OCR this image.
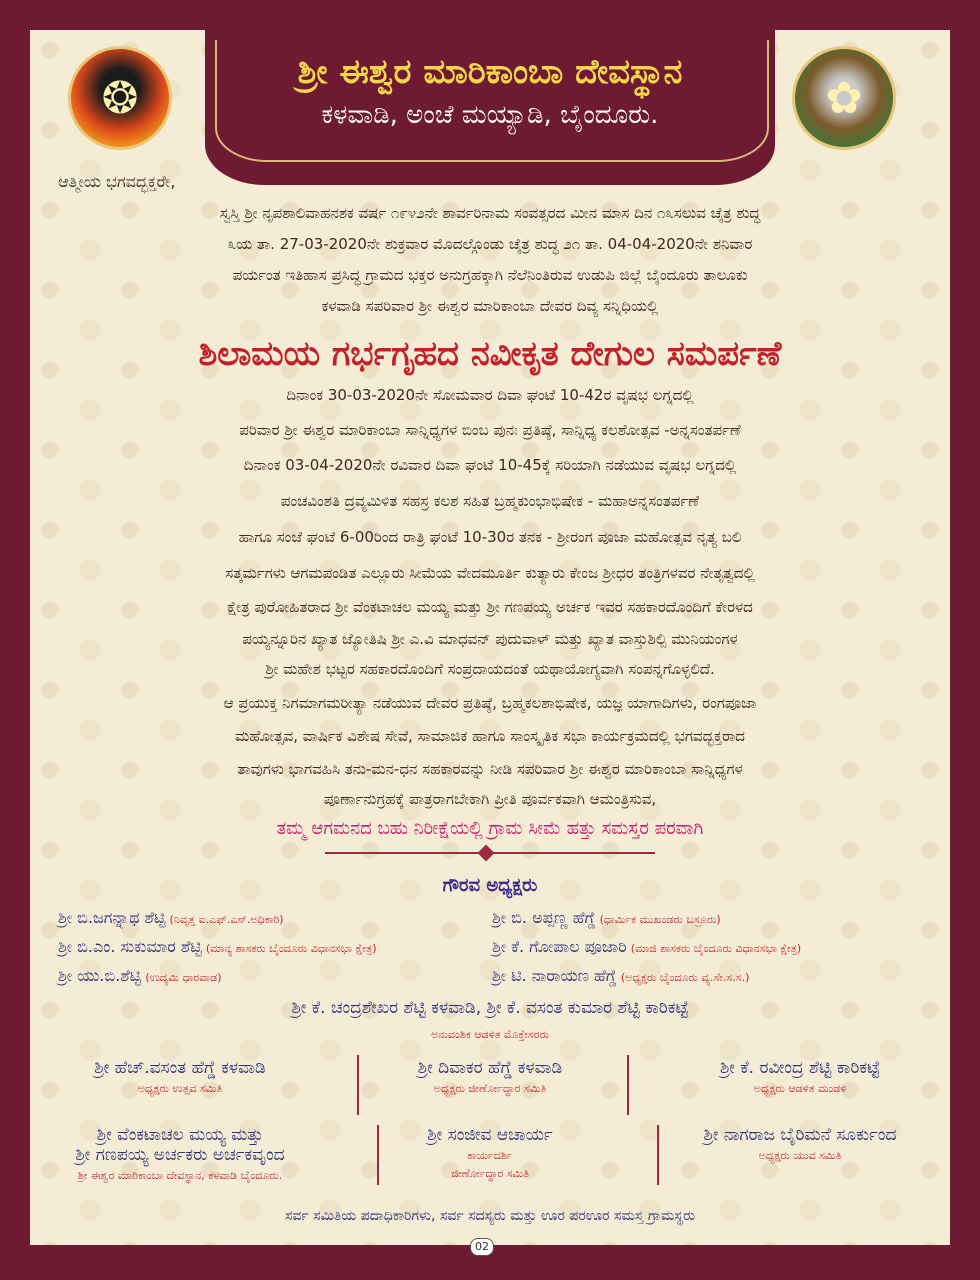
ಶ್ರೀ ಈಶ್ವರ ಮಾರಿಕಾಂಬಾ ದೇವಸ್ಥಾನ
ಕಳವಾಡಿ, ಅಂಚೆ ಮಯ್ಯಾಡಿ, ಬೈಂದೂರು.
❂	✿
ಆತ್ಮೀಯ ಭಗವದ್ಭಕ್ತರೇ,
ಸ್ವಸ್ತಿ ಶ್ರೀ ನೃಪಶಾಲಿವಾಹನಶಕ ವರ್ಷ ೧೯೪೨ನೇ ಶಾರ್ವರಿನಾಮ ಸಂವತ್ಸರದ ಮೀನ ಮಾಸ ದಿನ ೧೩ಸಲುವ ಚೈತ್ರ ಶುದ್ಧ
೩ಯ ತಾ. 27-03-2020ನೇ ಶುಕ್ರವಾರ ಮೊದಲ್ಗೊಂಡು ಚೈತ್ರ ಶುದ್ಧ ೨೧ ತಾ. 04-04-2020ನೇ ಶನಿವಾರ
ಪರ್ಯಂತ ಇತಿಹಾಸ ಪ್ರಸಿದ್ಧ ಗ್ರಾಮದ ಭಕ್ತರ ಅನುಗ್ರಹಕ್ಕಾಗಿ ನೆಲೆನಿಂತಿರುವ ಉಡುಪಿ ಜಿಲ್ಲೆ ಬೈಂದೂರು ತಾಲೂಕು
ಕಳವಾಡಿ ಸಪರಿವಾರ ಶ್ರೀ ಈಶ್ವರ ಮಾರಿಕಾಂಬಾ ದೇವರ ದಿವ್ಯ ಸನ್ನಿಧಿಯಲ್ಲಿ
ಶಿಲಾಮಯ ಗರ್ಭಗೃಹದ ನವೀಕೃತ ದೇಗುಲ ಸಮರ್ಪಣೆ
ದಿನಾಂಕ 30-03-2020ನೇ ಸೋಮವಾರ ದಿವಾ ಘಂಟೆ 10-42ರ ವೃಷಭ ಲಗ್ನದಲ್ಲಿ
ಪರಿವಾರ ಶ್ರೀ ಈಶ್ವರ ಮಾರಿಕಾಂಬಾ ಸಾನ್ನಿಧ್ಯಗಳ ಬಿಂಬ ಪುನಃ ಪ್ರತಿಷ್ಠೆ, ಸಾನ್ನಿಧ್ಯ ಕಲಶೋತ್ಸವ -ಅನ್ನಸಂತರ್ಪಣೆ
ದಿನಾಂಕ 03-04-2020ನೇ ರವಿವಾರ ದಿವಾ ಘಂಟೆ 10-45ಕ್ಕೆ ಸರಿಯಾಗಿ ನಡೆಯುವ ವೃಷಭ ಲಗ್ನದಲ್ಲಿ
ಪಂಚವಿಂಶತಿ ದ್ರವ್ಯಮಿಳಿತ ಸಹಸ್ರ ಕಲಶ ಸಹಿತ ಬ್ರಹ್ಮಕುಂಭಾಭಿಷೇಕ - ಮಹಾಅನ್ನಸಂತರ್ಪಣೆ
ಹಾಗೂ ಸಂಜೆ ಘಂಟೆ 6-00ರಿಂದ ರಾತ್ರಿ ಘಂಟೆ 10-30ರ ತನಕ - ಶ್ರೀರಂಗ ಪೂಜಾ ಮಹೋತ್ಸವ ನೃತ್ಯ ಬಲಿ
ಸತ್ಕರ್ಮಗಳು ಆಗಮಪಂಡಿತ ಎಲ್ಲೂರು ಸೀಮೆಯ ವೇದಮೂರ್ತಿ ಕುತ್ಯಾರು ಕೇಂಜ ಶ್ರೀಧರ ತಂತ್ರಿಗಳವರ ನೇತೃತ್ವದಲ್ಲಿ
ಕ್ಷೇತ್ರ ಪುರೋಹಿತರಾದ ಶ್ರೀ ವೆಂಕಟಾಚಲ ಮಯ್ಯ ಮತ್ತು ಶ್ರೀ ಗಣಪಯ್ಯ ಅರ್ಚಕ ಇವರ ಸಹಕಾರದೊಂದಿಗೆ ಕೇರಳದ
ಪಯ್ಯನ್ನೂರಿನ ಖ್ಯಾತ ಜ್ಯೋತಿಷಿ ಶ್ರೀ ಎ.ವಿ ಮಾಧವನ್ ಪುದುವಾಳ್ ಮತ್ತು ಖ್ಯಾತ ವಾಸ್ತುಶಿಲ್ಪಿ ಮುನಿಯಂಗಳ
ಶ್ರೀ ಮಹೇಶ ಭಟ್ಟರ ಸಹಕಾರದೊಂದಿಗೆ ಸಂಪ್ರದಾಯದಂತೆ ಯಥಾಯೋಗ್ಯವಾಗಿ ಸಂಪನ್ನಗೊಳ್ಳಲಿದೆ.
ಆ ಪ್ರಯುಕ್ತ ನಿಗಮಾಗಮರೀತ್ಯಾ ನಡೆಯುವ ದೇವರ ಪ್ರತಿಷ್ಠೆ, ಬ್ರಹ್ಮಕಲಶಾಭಿಷೇಕ, ಯಜ್ಞ ಯಾಗಾದಿಗಳು, ರಂಗಪೂಜಾ
ಮಹೋತ್ಸವ, ವಾರ್ಷಿಕ ವಿಶೇಷ ಸೇವೆ, ಸಾಮಾಜಿಕ ಹಾಗೂ ಸಾಂಸ್ಕೃತಿಕ ಸಭಾ ಕಾರ್ಯಕ್ರಮದಲ್ಲಿ ಭಗವದ್ಭಕ್ತರಾದ
ತಾವುಗಳು ಭಾಗವಹಿಸಿ ತನು-ಮನ-ಧನ ಸಹಕಾರವನ್ನು ನೀಡಿ ಸಪರಿವಾರ ಶ್ರೀ ಈಶ್ವರ ಮಾರಿಕಾಂಬಾ ಸಾನ್ನಿಧ್ಯಗಳ
ಪೂರ್ಣಾನುಗ್ರಹಕ್ಕೆ ಪಾತ್ರರಾಗಬೇಕಾಗಿ ಪ್ರೀತಿ ಪೂರ್ವಕವಾಗಿ ಆಮಂತ್ರಿಸುವ,
ತಮ್ಮ ಆಗಮನದ ಬಹು ನಿರೀಕ್ಷೆಯಲ್ಲಿ ಗ್ರಾಮ ಸೀಮೆ ಹತ್ತು ಸಮಸ್ತರ ಪರವಾಗಿ
ಗೌರವ ಅಧ್ಯಕ್ಷರು
ಶ್ರೀ ಬಿ.ಜಗನ್ನಾಥ ಶೆಟ್ಟಿ (ನಿವೃತ್ತ ಐ.ಎಫ್.ಎಸ್.ಅಧಿಕಾರಿ)
ಶ್ರೀ ಬಿ.ಎಂ. ಸುಕುಮಾರ ಶೆಟ್ಟಿ (ಮಾನ್ಯ ಶಾಸಕರು ಬೈಂದೂರು ವಿಧಾನಸಭಾ ಕ್ಷೇತ್ರ)
ಶ್ರೀ ಯು.ಬಿ.ಶೆಟ್ಟಿ (ಉದ್ಯಮಿ ಧಾರವಾಡ)
ಶ್ರೀ ಬಿ. ಅಪ್ಪಣ್ಣ ಹೆಗ್ಡೆ (ಧಾರ್ಮಿಕ ಮುಖಂಡರು ಬಸ್ರೂರು)
ಶ್ರೀ ಕೆ. ಗೋಪಾಲ ಪೂಜಾರಿ (ಮಾಜಿ ಶಾಸಕರು ಬೈಂದೂರು ವಿಧಾನಸಭಾ ಕ್ಷೇತ್ರ)
ಶ್ರೀ ಟಿ. ನಾರಾಯಣ ಹೆಗ್ಡೆ (ಅಧ್ಯಕ್ಷರು ಬೈಂದೂರು ವ್ಯ.ಸೇ.ಸ.ಸ.)
ಶ್ರೀ ಕೆ. ಚಂದ್ರಶೇಖರ ಶೆಟ್ಟಿ ಕಳವಾಡಿ, ಶ್ರೀ ಕೆ. ವಸಂತ ಕುಮಾರ ಶೆಟ್ಟಿ ಕಾರಿಕಟ್ಟೆ
ಅನುವಂಶಿಕ ಆಡಳಿತ ಮೊಕ್ತೇಸರರು
ಶ್ರೀ ಹೆಚ್.ವಸಂತ ಹೆಗ್ಡೆ ಕಳವಾಡಿ
ಅಧ್ಯಕ್ಷರು ಉತ್ಸವ ಸಮಿತಿ
ಶ್ರೀ ದಿವಾಕರ ಹೆಗ್ಡೆ ಕಳವಾಡಿ
ಅಧ್ಯಕ್ಷರು ಜೀರ್ಣೋದ್ಧಾರ ಸಮಿತಿ
ಶ್ರೀ ಕೆ. ರವೀಂದ್ರ ಶೆಟ್ಟಿ ಕಾರಿಕಟ್ಟೆ
ಅಧ್ಯಕ್ಷರು ಆಡಳಿತ ಮಂಡಳಿ
ಶ್ರೀ ವೆಂಕಟಾಚಲ ಮಯ್ಯ ಮತ್ತು
ಶ್ರೀ ಗಣಪಯ್ಯ ಅರ್ಚಕರು ಅರ್ಚಕವೃಂದ
ಶ್ರೀ ಈಶ್ವರ ಮಾರಿಕಾಂಬಾ ದೇವಸ್ಥಾನ, ಕಳವಾಡಿ ಬೈಂದೂರು.
ಶ್ರೀ ಸಂಜೀವ ಆಚಾರ್ಯ
ಕಾರ್ಯದರ್ಶಿ
ಜೀರ್ಣೋದ್ಧಾರ ಸಮಿತಿ
ಶ್ರೀ ನಾಗರಾಜ ಬೈರಿಮನೆ ಸೂರ್ಕುಂದ
ಅಧ್ಯಕ್ಷರು ಯುವ ಸಮಿತಿ
ಸರ್ವ ಸಮಿತಿಯ ಪದಾಧಿಕಾರಿಗಳು, ಸರ್ವ ಸದಸ್ಯರು ಮತ್ತು ಊರ ಪರಊರ ಸಮಸ್ತ ಗ್ರಾಮಸ್ಥರು
02
